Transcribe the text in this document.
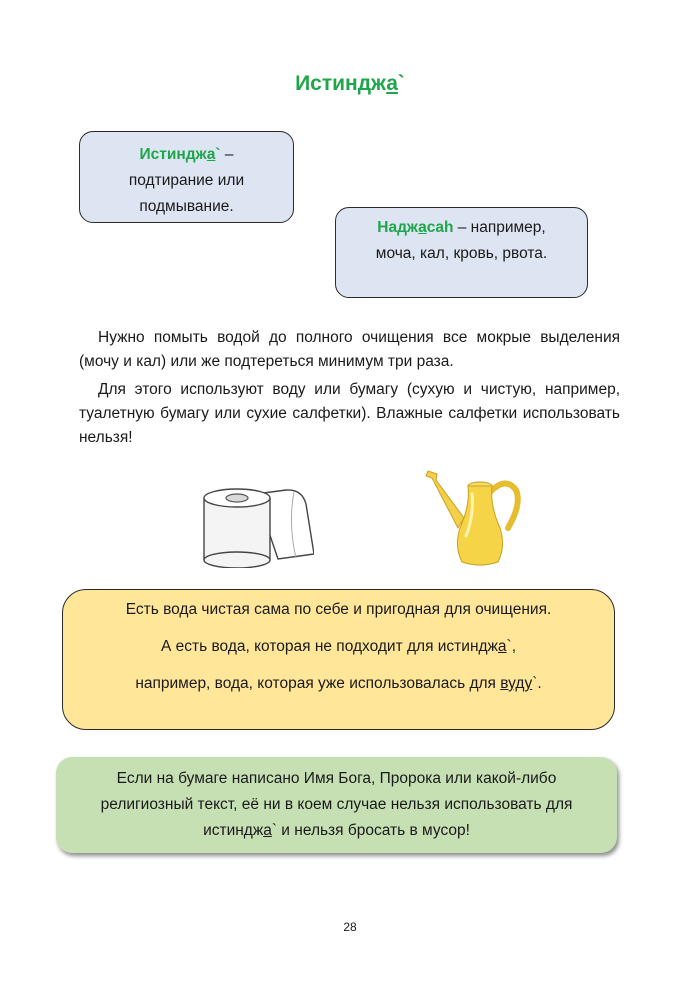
Истинджа`
Истинджа` –
подтирание или
подмывание.
Наджасah – например,
моча, кал, кровь, рвота.
Нужно помыть водой до полного очищения все мокрые выделения (мочу и кал) или же подтереться минимум три раза.
Для этого используют воду или бумагу (сухую и чистую, например, туалетную бумагу или сухие салфетки). Влажные салфетки использовать нельзя!
Есть вода чистая сама по себе и пригодная для очищения.
А есть вода, которая не подходит для истинджа`,
например, вода, которая уже использовалась для вуду`.
Если на бумаге написано Имя Бога, Пророка или какой-либо
религиозный текст, её ни в коем случае нельзя использовать для
истинджа` и нельзя бросать в мусор!
28
